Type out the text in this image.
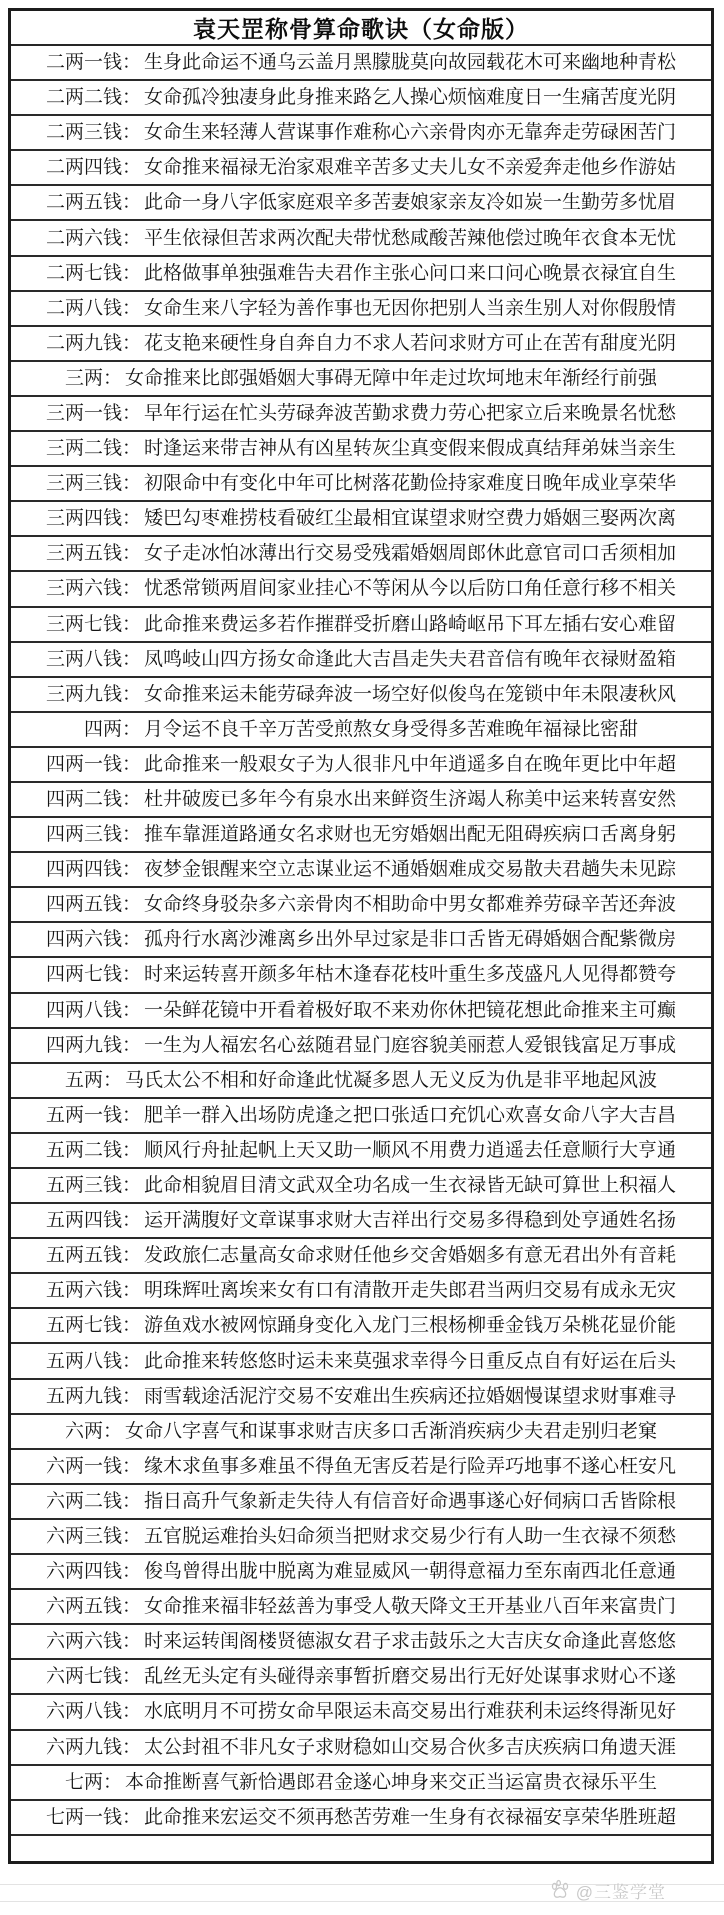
袁天罡称骨算命歌诀（女命版）
二两一钱： 生身此命运不通乌云盖月黑朦胧莫向故园载花木可来幽地种青松
二两二钱： 女命孤冷独凄身此身推来路乞人操心烦恼难度日一生痛苦度光阴
二两三钱： 女命生来轻薄人营谋事作难称心六亲骨肉亦无靠奔走劳碌困苦门
二两四钱： 女命推来福禄无治家艰难辛苦多丈夫儿女不亲爱奔走他乡作游姑
二两五钱： 此命一身八字低家庭艰辛多苦妻娘家亲友冷如炭一生勤劳多忧眉
二两六钱： 平生依禄但苦求两次配夫带忧愁咸酸苦辣他偿过晚年衣食本无忧
二两七钱： 此格做事单独强难告夫君作主张心问口来口问心晚景衣禄宜自生
二两八钱： 女命生来八字轻为善作事也无因你把别人当亲生别人对你假殷情
二两九钱： 花支艳来硬性身自奔自力不求人若问求财方可止在苦有甜度光阴
三两： 女命推来比郎强婚姻大事碍无障中年走过坎坷地末年渐经行前强
三两一钱： 早年行运在忙头劳碌奔波苦勤求费力劳心把家立后来晚景名忧愁
三两二钱： 时逢运来带吉神从有凶星转灰尘真变假来假成真结拜弟妹当亲生
三两三钱： 初限命中有变化中年可比树落花勤俭持家难度日晚年成业享荣华
三两四钱： 矮巴勾枣难捞枝看破红尘最相宜谋望求财空费力婚姻三娶两次离
三两五钱： 女子走冰怕冰薄出行交易受残霜婚姻周郎休此意官司口舌须相加
三两六钱： 忧悉常锁两眉间家业挂心不等闲从今以后防口角任意行移不相关
三两七钱： 此命推来费运多若作摧群受折磨山路崎岖吊下耳左插右安心难留
三两八钱： 凤鸣岐山四方扬女命逢此大吉昌走失夫君音信有晚年衣禄财盈箱
三两九钱： 女命推来运未能劳碌奔波一场空好似俊鸟在笼锁中年未限凄秋风
四两： 月令运不良千辛万苦受煎熬女身受得多苦难晚年福禄比密甜
四两一钱： 此命推来一般艰女子为人很非凡中年逍遥多自在晚年更比中年超
四两二钱： 杜井破废已多年今有泉水出来鲜资生济竭人称美中运来转喜安然
四两三钱： 推车靠涯道路通女名求财也无穷婚姻出配无阻碍疾病口舌离身躬
四两四钱： 夜梦金银醒来空立志谋业运不通婚姻难成交易散夫君趟失未见踪
四两五钱： 女命终身驳杂多六亲骨肉不相助命中男女都难养劳碌辛苦还奔波
四两六钱： 孤舟行水离沙滩离乡出外早过家是非口舌皆无碍婚姻合配紫微房
四两七钱： 时来运转喜开颜多年枯木逢春花枝叶重生多茂盛凡人见得都赞夸
四两八钱： 一朵鲜花镜中开看着极好取不来劝你休把镜花想此命推来主可癫
四两九钱： 一生为人福宏名心兹随君显门庭容貌美丽惹人爱银钱富足万事成
五两： 马氏太公不相和好命逢此忧凝多恩人无义反为仇是非平地起风波
五两一钱： 肥羊一群入出场防虎逢之把口张适口充饥心欢喜女命八字大吉昌
五两二钱： 顺风行舟扯起帆上天又助一顺风不用费力逍遥去任意顺行大亨通
五两三钱： 此命相貌眉目清文武双全功名成一生衣禄皆无缺可算世上积福人
五两四钱： 运开满腹好文章谋事求财大吉祥出行交易多得稳到处亨通姓名扬
五两五钱： 发政旅仁志量高女命求财任他乡交舍婚姻多有意无君出外有音耗
五两六钱： 明珠辉吐离埃来女有口有清散开走失郎君当两归交易有成永无灾
五两七钱： 游鱼戏水被网惊踊身变化入龙门三根杨柳垂金钱万朵桃花显价能
五两八钱： 此命推来转悠悠时运未来莫强求幸得今日重反点自有好运在后头
五两九钱： 雨雪载途活泥泞交易不安难出生疾病还拉婚姻慢谋望求财事难寻
六两： 女命八字喜气和谋事求财吉庆多口舌渐消疾病少夫君走别归老窠
六两一钱： 缘木求鱼事多难虽不得鱼无害反若是行险弄巧地事不遂心枉安凡
六两二钱： 指日高升气象新走失待人有信音好命遇事遂心好伺病口舌皆除根
六两三钱： 五官脱运难抬头妇命须当把财求交易少行有人助一生衣禄不须愁
六两四钱： 俊鸟曾得出胧中脱离为难显威风一朝得意福力至东南西北任意通
六两五钱： 女命推来福非轻兹善为事受人敬天降文王开基业八百年来富贵门
六两六钱： 时来运转闺阁楼贤德淑女君子求击鼓乐之大吉庆女命逢此喜悠悠
六两七钱： 乱丝无头定有头碰得亲事暂折磨交易出行无好处谋事求财心不遂
六两八钱： 水底明月不可捞女命早限运未高交易出行难获利未运终得渐见好
六两九钱： 太公封祖不非凡女子求财稳如山交易合伙多吉庆疾病口角遗天涯
七两： 本命推断喜气新恰遇郎君金遂心坤身来交正当运富贵衣禄乐平生
七两一钱： 此命推来宏运交不须再愁苦劳难一生身有衣禄福安享荣华胜班超
@三鉴学堂
